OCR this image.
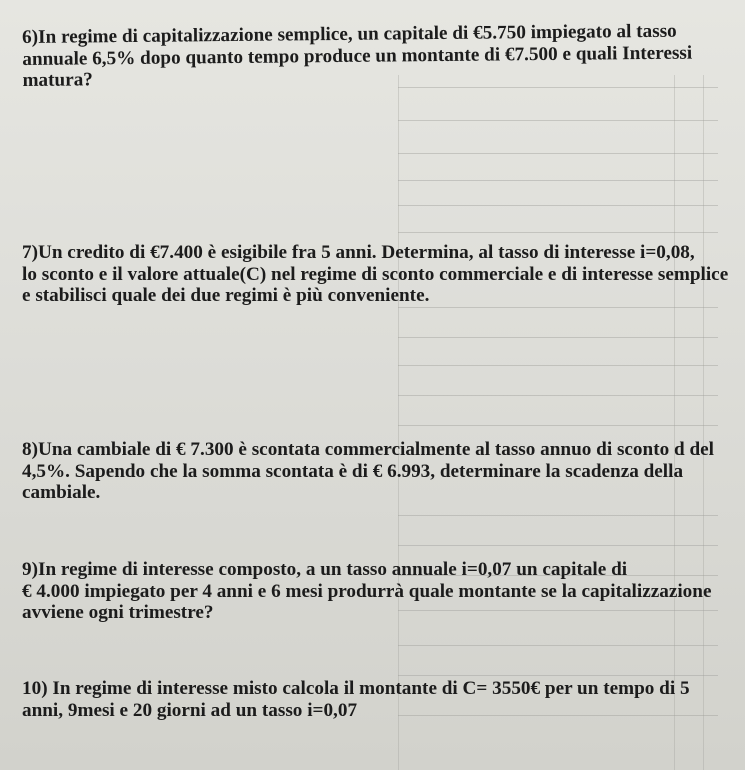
6)In regime di capitalizzazione semplice, un capitale di €5.750 impiegato al tasso
annuale 6,5% dopo quanto tempo produce un montante di €7.500 e quali Interessi
matura?

7)Un credito di €7.400 è esigibile fra 5 anni. Determina, al tasso di interesse i=0,08,
lo sconto e il valore attuale(C) nel regime di sconto commerciale e di interesse semplice
e stabilisci quale dei due regimi è più conveniente.

8)Una cambiale di € 7.300 è scontata commercialmente al tasso annuo di sconto d del
4,5%. Sapendo che la somma scontata è di € 6.993, determinare la scadenza della
cambiale.

9)In regime di interesse composto, a un tasso annuale i=0,07 un capitale di
€ 4.000 impiegato per 4 anni e 6 mesi produrrà quale montante se la capitalizzazione
avviene ogni trimestre?

10) In regime di interesse misto calcola il montante di C= 3550€ per un tempo di 5
anni, 9mesi e 20 giorni ad un tasso i=0,07
